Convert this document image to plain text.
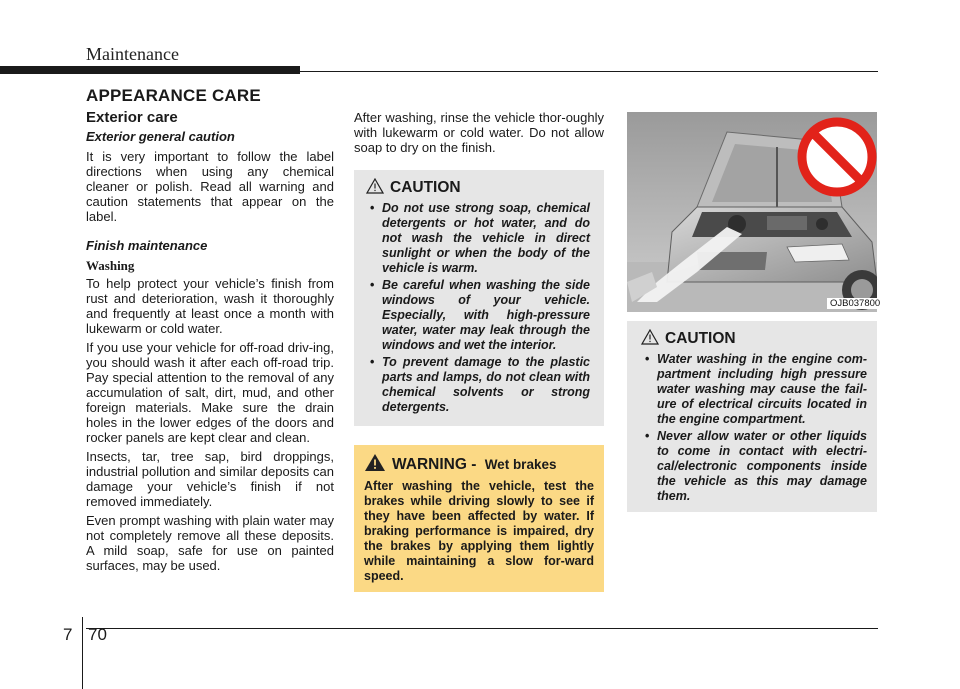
Maintenance
APPEARANCE CARE
Exterior care
Exterior general caution

It is very important to follow the label directions when using any chemical cleaner or polish. Read all warning and caution statements that appear on the label.

Finish maintenance
Washing

To help protect your vehicle’s finish from rust and deterioration, wash it thoroughly and frequently at least once a month with lukewarm or cold water.

If you use your vehicle for off-road driv-ing, you should wash it after each off-road trip. Pay special attention to the removal of any accumulation of salt, dirt, mud, and other foreign materials. Make sure the drain holes in the lower edges of the doors and rocker panels are kept clear and clean.

Insects, tar, tree sap, bird droppings, industrial pollution and similar deposits can damage your vehicle’s finish if not removed immediately.

Even prompt washing with plain water may not completely remove all these deposits. A mild soap, safe for use on painted surfaces, may be used.

After washing, rinse the vehicle thor-oughly with lukewarm or cold water. Do not allow soap to dry on the finish.

CAUTION
• Do not use strong soap, chemical detergents or hot water, and do not wash the vehicle in direct sunlight or when the body of the vehicle is warm.
• Be careful when washing the side windows of your vehicle. Especially, with high-pressure water, water may leak through the windows and wet the interior.
• To prevent damage to the plastic parts and lamps, do not clean with chemical solvents or strong detergents.
WARNING - Wet brakes

After washing the vehicle, test the brakes while driving slowly to see if they have been affected by water. If braking performance is impaired, dry the brakes by applying them lightly while maintaining a slow for-ward speed.

OJB037800
CAUTION
• Water washing in the engine com-partment including high pressure water washing may cause the fail-ure of electrical circuits located in the engine compartment.
• Never allow water or other liquids to come in contact with electri-cal/electronic components inside the vehicle as this may damage them.
7 70
